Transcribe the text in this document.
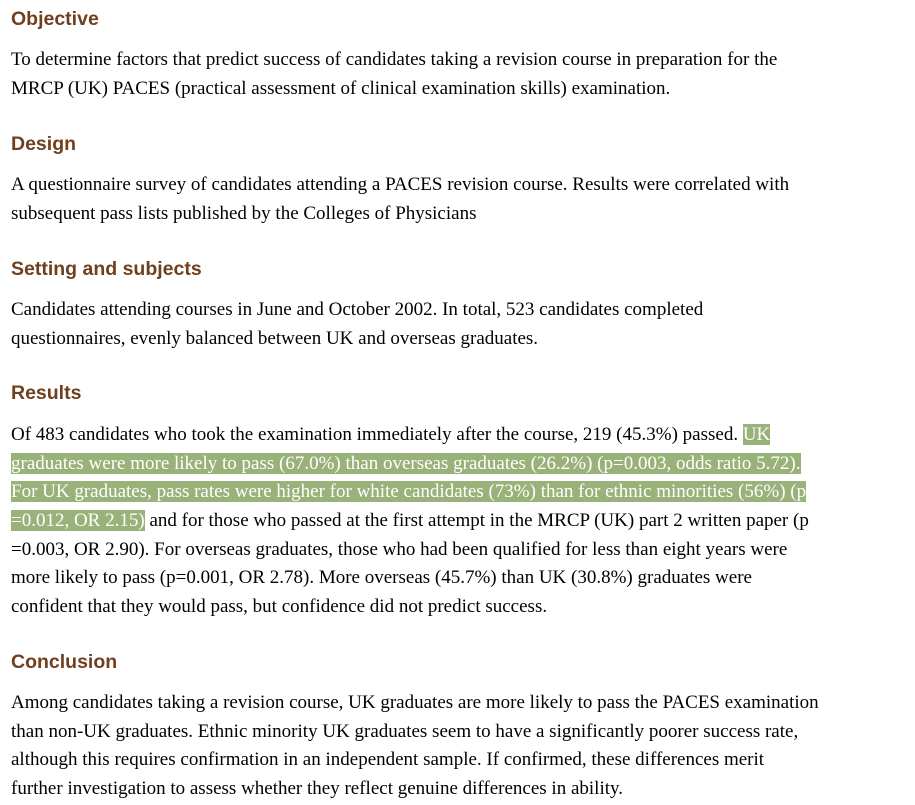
Objective
To determine factors that predict success of candidates taking a revision course in preparation for the
MRCP (UK) PACES (practical assessment of clinical examination skills) examination.
Design
A questionnaire survey of candidates attending a PACES revision course. Results were correlated with
subsequent pass lists published by the Colleges of Physicians
Setting and subjects
Candidates attending courses in June and October 2002. In total, 523 candidates completed
questionnaires, evenly balanced between UK and overseas graduates.
Results
Of 483 candidates who took the examination immediately after the course, 219 (45.3%) passed. UK
graduates were more likely to pass (67.0%) than overseas graduates (26.2%) (p=0.003, odds ratio 5.72).
For UK graduates, pass rates were higher for white candidates (73%) than for ethnic minorities (56%) (p
=0.012, OR 2.15) and for those who passed at the first attempt in the MRCP (UK) part 2 written paper (p
=0.003, OR 2.90). For overseas graduates, those who had been qualified for less than eight years were
more likely to pass (p=0.001, OR 2.78). More overseas (45.7%) than UK (30.8%) graduates were
confident that they would pass, but confidence did not predict success.
Conclusion
Among candidates taking a revision course, UK graduates are more likely to pass the PACES examination
than non-UK graduates. Ethnic minority UK graduates seem to have a significantly poorer success rate,
although this requires confirmation in an independent sample. If confirmed, these differences merit
further investigation to assess whether they reflect genuine differences in ability.
